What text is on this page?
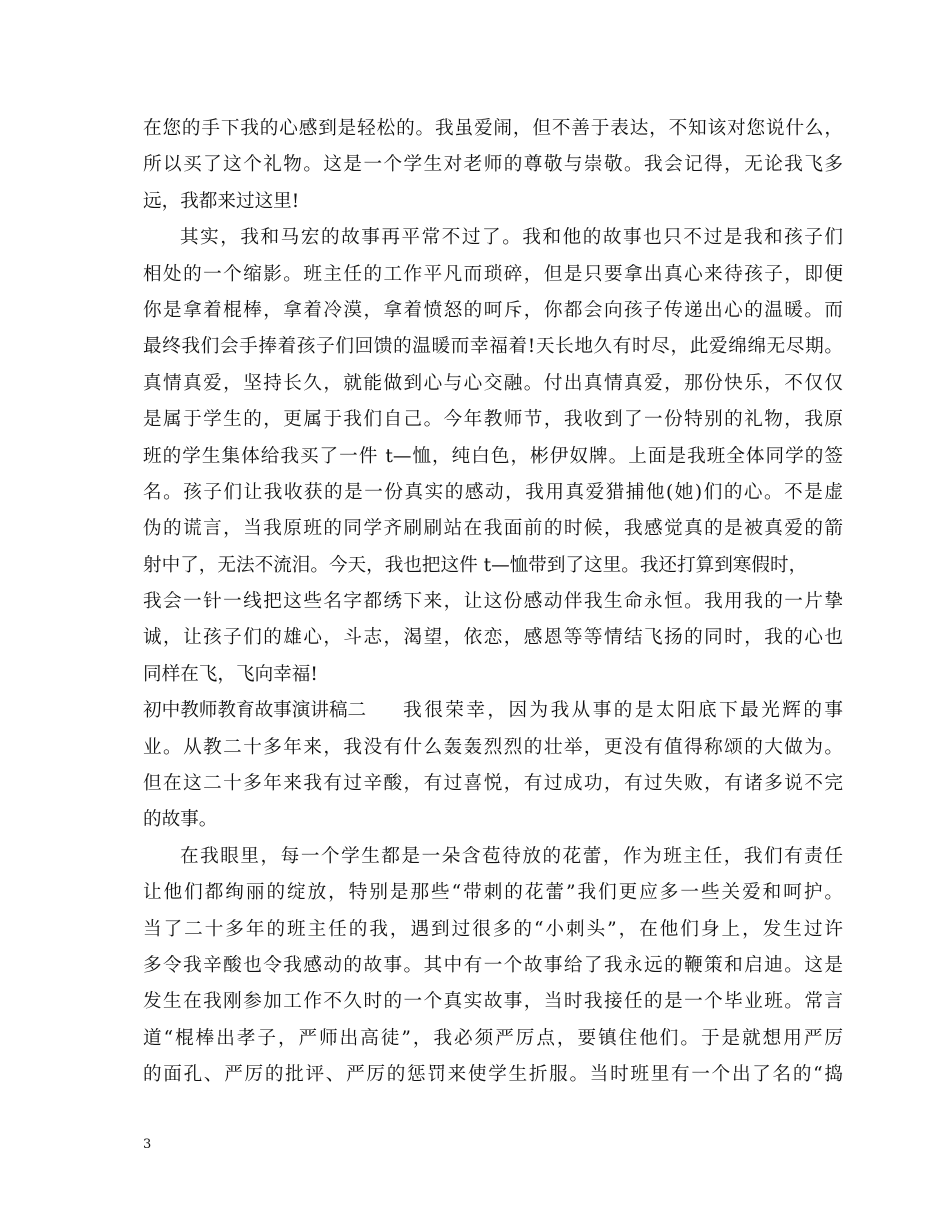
在您的手下我的心感到是轻松的。我虽爱闹，但不善于表达，不知该对您说什么，
所以买了这个礼物。这是一个学生对老师的尊敬与崇敬。我会记得，无论我飞多
远，我都来过这里!
其实，我和马宏的故事再平常不过了。我和他的故事也只不过是我和孩子们
相处的一个缩影。班主任的工作平凡而琐碎，但是只要拿出真心来待孩子，即便
你是拿着棍棒，拿着冷漠，拿着愤怒的呵斥，你都会向孩子传递出心的温暖。而
最终我们会手捧着孩子们回馈的温暖而幸福着!天长地久有时尽，此爱绵绵无尽期。
真情真爱，坚持长久，就能做到心与心交融。付出真情真爱，那份快乐，不仅仅
是属于学生的，更属于我们自己。今年教师节，我收到了一份特别的礼物，我原
班的学生集体给我买了一件 t—恤，纯白色，彬伊奴牌。上面是我班全体同学的签
名。孩子们让我收获的是一份真实的感动，我用真爱猎捕他(她)们的心。不是虚
伪的谎言，当我原班的同学齐刷刷站在我面前的时候，我感觉真的是被真爱的箭
射中了，无法不流泪。今天，我也把这件 t—恤带到了这里。我还打算到寒假时，
我会一针一线把这些名字都绣下来，让这份感动伴我生命永恒。我用我的一片挚
诚，让孩子们的雄心，斗志，渴望，依恋，感恩等等情结飞扬的同时，我的心也
同样在飞，飞向幸福!
初中教师教育故事演讲稿二 我很荣幸，因为我从事的是太阳底下最光辉的事
业。从教二十多年来，我没有什么轰轰烈烈的壮举，更没有值得称颂的大做为。
但在这二十多年来我有过辛酸，有过喜悦，有过成功，有过失败，有诸多说不完
的故事。
在我眼里，每一个学生都是一朵含苞待放的花蕾，作为班主任，我们有责任
让他们都绚丽的绽放，特别是那些“带刺的花蕾”我们更应多一些关爱和呵护。
当了二十多年的班主任的我，遇到过很多的“小刺头”，在他们身上，发生过许
多令我辛酸也令我感动的故事。其中有一个故事给了我永远的鞭策和启迪。这是
发生在我刚参加工作不久时的一个真实故事，当时我接任的是一个毕业班。常言
道“棍棒出孝子，严师出高徒”，我必须严厉点，要镇住他们。于是就想用严厉
的面孔、严厉的批评、严厉的惩罚来使学生折服。当时班里有一个出了名的“捣
3
